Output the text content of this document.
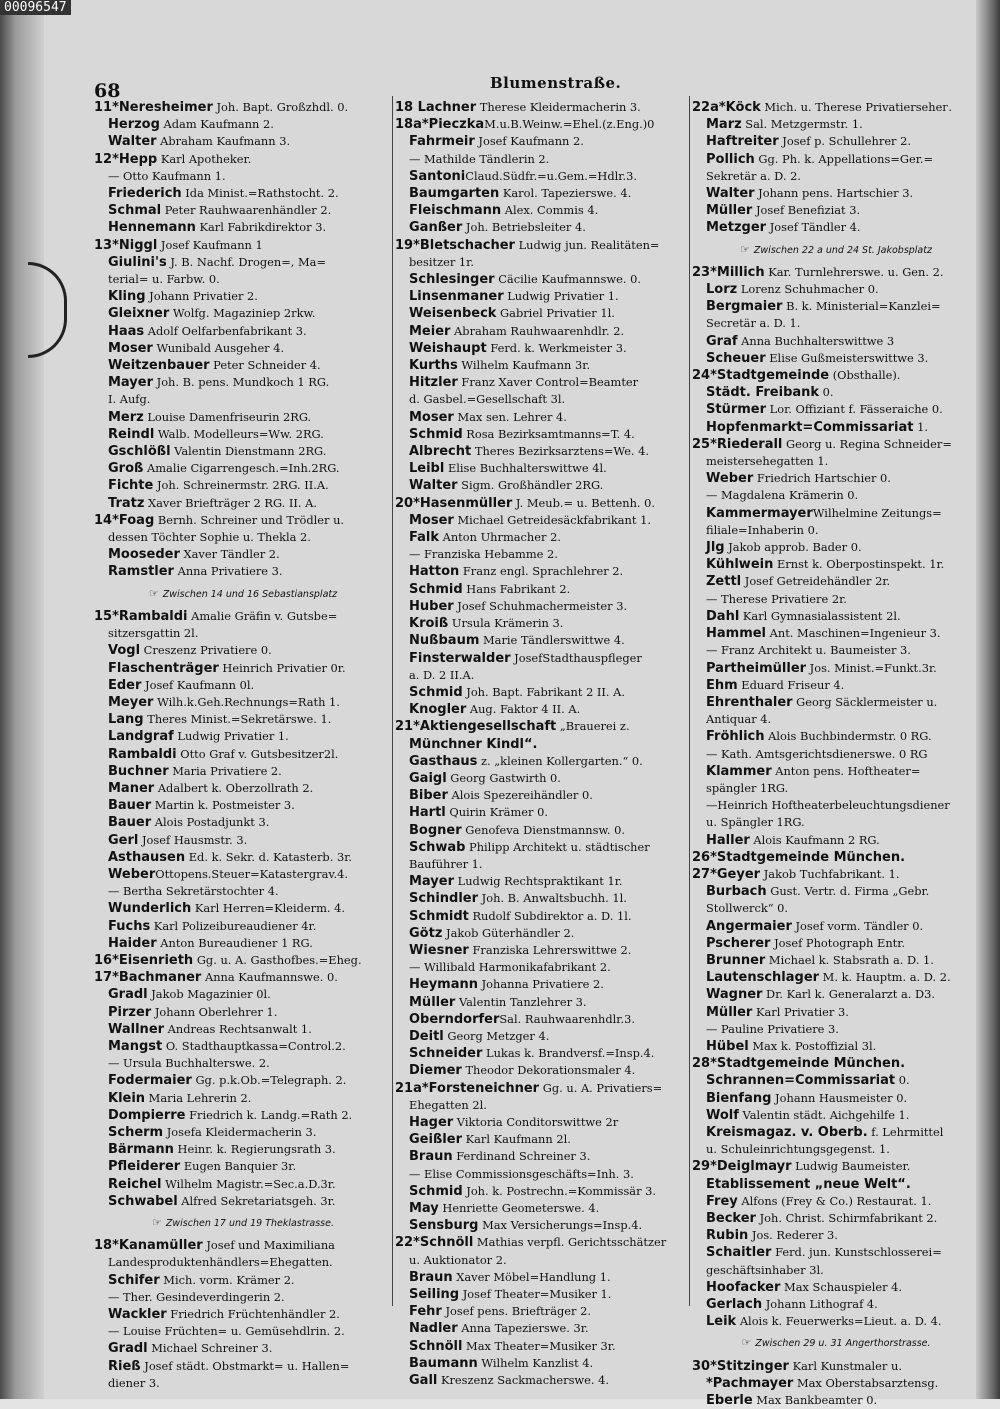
00096547
68	Blumenstraße.
11*Neresheimer Joh. Bapt. Großzhdl. 0.
Herzog Adam Kaufmann 2.
Walter Abraham Kaufmann 3.
12*Hepp Karl Apotheker.
— Otto Kaufmann 1.
Friederich Ida Minist.=Rathstocht. 2.
Schmal Peter Rauhwaarenhändler 2.
Hennemann Karl Fabrikdirektor 3.
13*Niggl Josef Kaufmann 1
Giulini's J. B. Nachf. Drogen=, Ma=
terial= u. Farbw. 0.
Kling Johann Privatier 2.
Gleixner Wolfg. Magaziniер 2rkw.
Haas Adolf Oelfarbenfabrikant 3.
Moser Wunibald Ausgeher 4.
Weitzenbauer Peter Schneider 4.
Mayer Joh. B. pens. Mundkoch 1 RG.
I. Aufg.
Merz Louise Damenfriseurin 2RG.
Reindl Walb. Modelleurs=Ww. 2RG.
Gschlößl Valentin Dienstmann 2RG.
Groß Amalie Cigarrengesch.=Inh.2RG.
Fichte Joh. Schreinermstr. 2RG. II.A.
Tratz Xaver Briefträger 2 RG. II. A.
14*Foag Bernh. Schreiner und Trödler u.
dessen Töchter Sophie u. Thekla 2.
Mooseder Xaver Tändler 2.
Ramstler Anna Privatiere 3.
☞ Zwischen 14 und 16 Sebastiansplatz
15*Rambaldi Amalie Gräfin v. Gutsbe=
sitzersgattin 2l.
Vogl Creszenz Privatiere 0.
Flaschenträger Heinrich Privatier 0r.
Eder Josef Kaufmann 0l.
Meyer Wilh.k.Geh.Rechnungs=Rath 1.
Lang Theres Minist.=Sekretärswe. 1.
Landgraf Ludwig Privatier 1.
Rambaldi Otto Graf v. Gutsbesitzer2l.
Buchner Maria Privatiere 2.
Maner Adalbert k. Oberzollrath 2.
Bauer Martin k. Postmeister 3.
Bauer Alois Postadjunkt 3.
Gerl Josef Hausmstr. 3.
Asthausen Ed. k. Sekr. d. Katasterb. 3r.
WeberOttopens.Steuer=Katastergrav.4.
— Bertha Sekretärstochter 4.
Wunderlich Karl Herren=Kleiderm. 4.
Fuchs Karl Polizeiburеаudiener 4r.
Haider Anton Bureaudiener 1 RG.
16*Eisenrieth Gg. u. A. Gasthofbes.=Eheg.
17*Bachmaner Anna Kaufmannswe. 0.
Gradl Jakob Magazinier 0l.
Pirzer Johann Oberlehrer 1.
Wallner Andreas Rechtsanwalt 1.
Mangst O. Stadthauptkassa=Control.2.
— Ursula Buchhalterswe. 2.
Fodermaier Gg. p.k.Ob.=Telegraph. 2.
Klein Maria Lehrerin 2.
Dompierre Friedrich k. Landg.=Rath 2.
Scherm Josefa Kleidermacherin 3.
Bärmann Heinr. k. Regierungsrath 3.
Pfleiderer Eugen Banquier 3r.
Reichel Wilhelm Magistr.=Sec.a.D.3r.
Schwabel Alfred Sekretariatsgeh. 3r.
☞ Zwischen 17 und 19 Theklastrasse.
18*Kanamüller Josef und Maximiliana
Landesproduktenhändlers=Ehegatten.
Schifer Mich. vorm. Krämer 2.
— Ther. Gesindeverdingerin 2.
Wackler Friedrich Früchtenhändler 2.
— Louise Früchten= u. Gemüsehdlrin. 2.
Gradl Michael Schreiner 3.
Rieß Josef städt. Obstmarkt= u. Hallen=
diener 3.
18 Lachner Therese Kleidermacherin 3.
18a*PieczkaM.u.B.Weinw.=Ehel.(z.Eng.)0
Fahrmeir Josef Kaufmann 2.
— Mathilde Tändlerin 2.
SantoniClaud.Südfr.=u.Gem.=Hdlr.3.
Baumgarten Karol. Tapezierswe. 4.
Fleischmann Alex. Commis 4.
Ganßer Joh. Betriebsleiter 4.
19*Bletschacher Ludwig jun. Realitäten=
besitzer 1r.
Schlesinger Cäcilie Kaufmannswe. 0.
Linsenmaner Ludwig Privatier 1.
Weisenbeck Gabriel Privatier 1l.
Meier Abraham Rauhwaarenhdlr. 2.
Weishaupt Ferd. k. Werkmeister 3.
Kurths Wilhelm Kaufmann 3r.
Hitzler Franz Xaver Control=Beamter
d. Gasbel.=Gesellschaft 3l.
Moser Max sen. Lehrer 4.
Schmid Rosa Bezirksamtmanns=T. 4.
Albrecht Theres Bezirksarztens=We. 4.
Leibl Elise Buchhalterswittwe 4l.
Walter Sigm. Großhändler 2RG.
20*Hasenmüller J. Meub.= u. Bettenh. 0.
Moser Michael Getreidesäckfabrikant 1.
Falk Anton Uhrmacher 2.
— Franziska Hebamme 2.
Hatton Franz engl. Sprachlehrer 2.
Schmid Hans Fabrikant 2.
Huber Josef Schuhmachermeister 3.
Kroiß Ursula Krämerin 3.
Nußbaum Marie Tändlerswittwe 4.
Finsterwalder JosefStadthauspfleger
a. D. 2 II.A.
Schmid Joh. Bapt. Fabrikant 2 II. A.
Knogler Aug. Faktor 4 II. A.
21*Aktiengesellschaft „Brauerei z.
Münchner Kindl“.
Gasthaus z. „kleinen Kollergarten.“ 0.
Gaigl Georg Gastwirth 0.
Biber Alois Spezereihändler 0.
Hartl Quirin Krämer 0.
Bogner Genofeva Dienstmannsw. 0.
Schwab Philipp Architekt u. städtischer
Bauführer 1.
Mayer Ludwig Rechtspraktikant 1r.
Schindler Joh. B. Anwaltsbuchh. 1l.
Schmidt Rudolf Subdirektor a. D. 1l.
Götz Jakob Güterhändler 2.
Wiesner Franziska Lehrerswittwe 2.
— Willibald Harmonikafabrikant 2.
Heymann Johanna Privatiere 2.
Müller Valentin Tanzlehrer 3.
OberndorferSal. Rauhwaarenhdlr.3.
Deitl Georg Metzger 4.
Schneider Lukas k. Brandversf.=Insp.4.
Diemer Theodor Dekorationsmaler 4.
21a*Forsteneichner Gg. u. A. Privatiers=
Ehegatten 2l.
Hager Viktoria Conditorswittwe 2r
Geißler Karl Kaufmann 2l.
Braun Ferdinand Schreiner 3.
— Elise Commissionsgeschäfts=Inh. 3.
Schmid Joh. k. Postrechn.=Kommissär 3.
May Henriette Geometerswe. 4.
Sensburg Max Versicherungs=Insp.4.
22*Schnöll Mathias verpfl. Gerichtsschätzer
u. Auktionator 2.
Braun Xaver Möbel=Handlung 1.
Seiling Josef Theater=Musiker 1.
Fehr Josef pens. Briefträger 2.
Nadler Anna Tapezierswe. 3r.
Schnöll Max Theater=Musiker 3r.
Baumann Wilhelm Kanzlist 4.
Gall Kreszenz Sackmacherswe. 4.
22a*Köck Mich. u. Therese Privatiersehег.
Marz Sal. Metzgermstr. 1.
Haftreiter Josef p. Schullehrer 2.
Pollich Gg. Ph. k. Appellations=Ger.=
Sekretär a. D. 2.
Walter Johann pens. Hartschier 3.
Müller Josef Benefiziat 3.
Metzger Josef Tändler 4.
☞ Zwischen 22 a und 24 St. Jakobsplatz
23*Millich Kar. Turnlehrerswe. u. Gen. 2.
Lorz Lorenz Schuhmacher 0.
Bergmaier B. k. Ministerial=Kanzlei=
Secretär a. D. 1.
Graf Anna Buchhalterswittwe 3
Scheuer Elise Gußmeisterswittwe 3.
24*Stadtgemeinde (Obsthalle).
Städt. Freibank 0.
Stürmer Lor. Offiziant f. Fässeraiche 0.
Hopfenmarkt=Commissariat 1.
25*Riederall Georg u. Regina Schneider=
meistersehegatten 1.
Weber Friedrich Hartschier 0.
— Magdalena Krämerin 0.
KammermayerWilhelmine Zeitungs=
filiale=Inhaberin 0.
Jlg Jakob approb. Bader 0.
Kühlwein Ernst k. Oberpostinspekt. 1r.
Zettl Josef Getreidehändler 2r.
— Therese Privatiere 2r.
Dahl Karl Gymnasialassistent 2l.
Hammel Ant. Maschinen=Ingenieur 3.
— Franz Architekt u. Baumeister 3.
Partheimüller Jos. Minist.=Funkt.3r.
Ehm Eduard Friseur 4.
Ehrenthaler Georg Säcklermeister u.
Antiquar 4.
Fröhlich Alois Buchbindermstr. 0 RG.
— Kath. Amtsgerichtsdienerswe. 0 RG
Klammer Anton pens. Hoftheater=
spängler 1RG.
—Heinrich Hoftheaterbeleuchtungsdiener
u. Spängler 1RG.
Haller Alois Kaufmann 2 RG.
26*Stadtgemeinde München.
27*Geyer Jakob Tuchfabrikant. 1.
Burbach Gust. Vertr. d. Firma „Gebr.
Stollwerck“ 0.
Angermaier Josef vorm. Tändler 0.
Pscherer Josef Photograph Entr.
Brunner Michael k. Stabsrath a. D. 1.
Lautenschlager M. k. Hauptm. a. D. 2.
Wagner Dr. Karl k. Generalarzt a. D3.
Müller Karl Privatier 3.
— Pauline Privatiere 3.
Hübel Max k. Postoffizial 3l.
28*Stadtgemeinde München.
Schrannen=Commissariat 0.
Bienfang Johann Hausmeister 0.
Wolf Valentin städt. Aichgehilfe 1.
Kreismagaz. v. Oberb. f. Lehrmittel
u. Schuleinrichtungsgegenst. 1.
29*Deiglmayr Ludwig Baumeister.
Etablissement „neue Welt“.
Frey Alfons (Frey & Co.) Restaurat. 1.
Becker Joh. Christ. Schirmfabrikant 2.
Rubin Jos. Rederer 3.
Schaitler Ferd. jun. Kunstschlosserei=
geschäftsinhaber 3l.
Hoofacker Max Schauspieler 4.
Gerlach Johann Lithograf 4.
Leik Alois k. Feuerwerks=Lieut. a. D. 4.
☞ Zwischen 29 u. 31 Angerthorstrasse.
30*Stitzinger Karl Kunstmaler u.
*Pachmayer Max Oberstabsarztensg.
Eberle Max Bankbeamter 0.
